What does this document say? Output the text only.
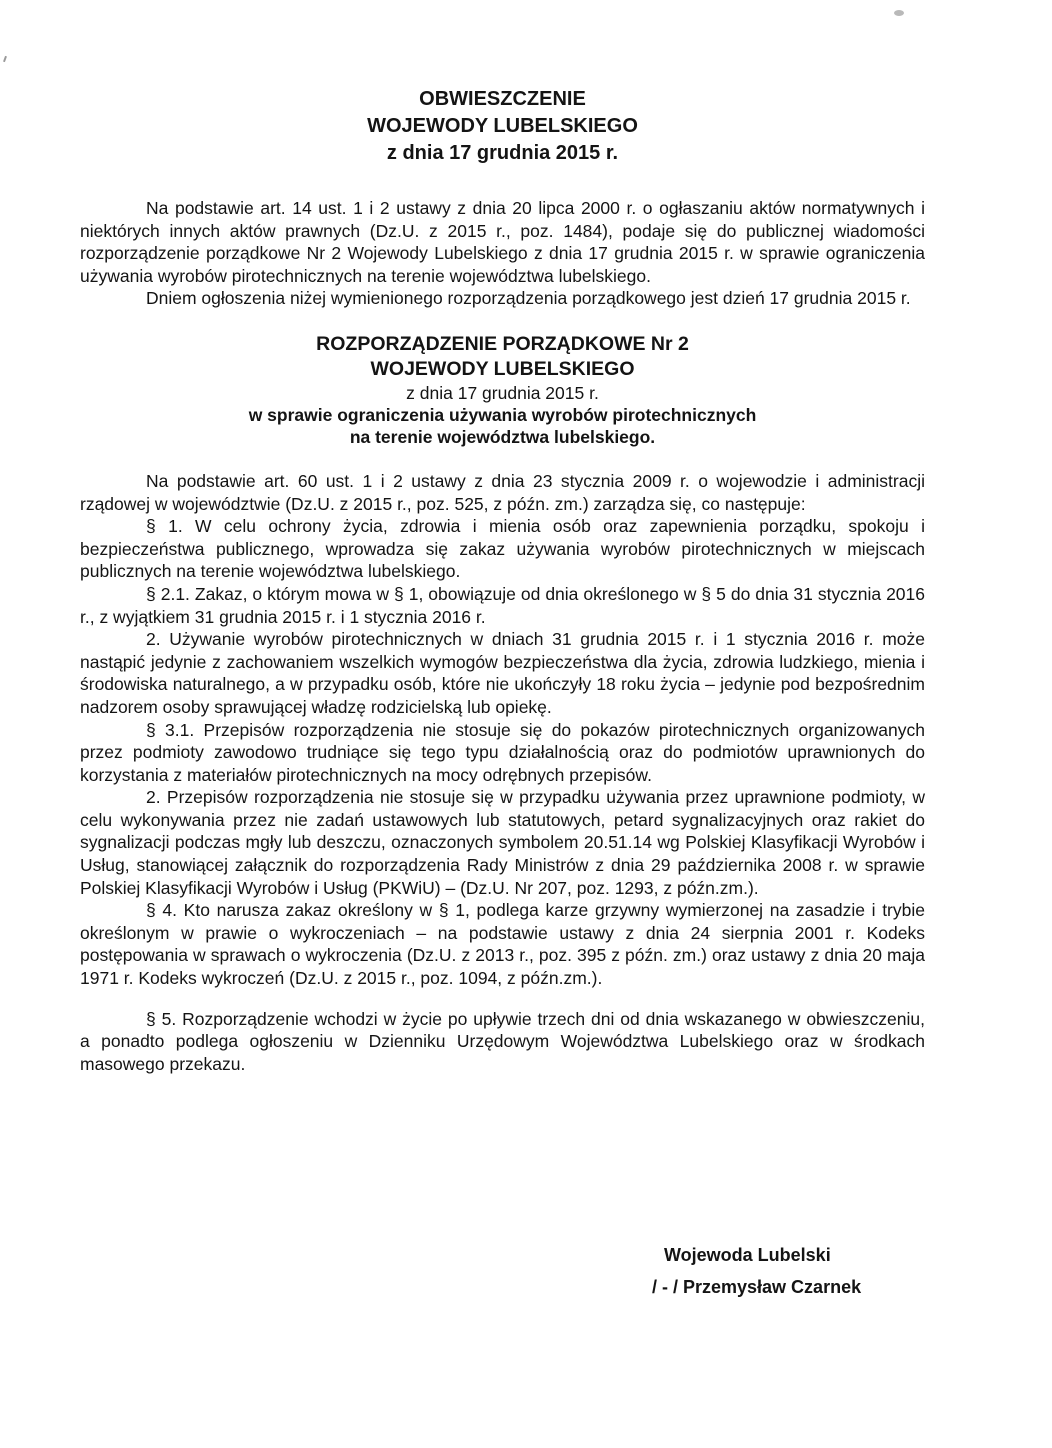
OBWIESZCZENIE
WOJEWODY LUBELSKIEGO
z dnia 17 grudnia 2015 r.

Na podstawie art. 14 ust. 1 i 2 ustawy z dnia 20 lipca 2000 r. o ogłaszaniu aktów normatywnych i niektórych innych aktów prawnych (Dz.U. z 2015 r., poz. 1484), podaje się do publicznej wiadomości rozporządzenie porządkowe Nr 2 Wojewody Lubelskiego z dnia 17 grudnia 2015 r. w sprawie ograniczenia używania wyrobów pirotechnicznych na terenie województwa lubelskiego.

Dniem ogłoszenia niżej wymienionego rozporządzenia porządkowego jest dzień 17 grudnia 2015 r.

ROZPORZĄDZENIE PORZĄDKOWE Nr 2
WOJEWODY LUBELSKIEGO
z dnia 17 grudnia 2015 r.
w sprawie ograniczenia używania wyrobów pirotechnicznych
na terenie województwa lubelskiego.

Na podstawie art. 60 ust. 1 i 2 ustawy z dnia 23 stycznia 2009 r. o wojewodzie i administracji rządowej w województwie (Dz.U. z 2015 r., poz. 525, z późn. zm.) zarządza się, co następuje:

§ 1. W celu ochrony życia, zdrowia i mienia osób oraz zapewnienia porządku, spokoju i bezpieczeństwa publicznego, wprowadza się zakaz używania wyrobów pirotechnicznych w miejscach publicznych na terenie województwa lubelskiego.

§ 2.1. Zakaz, o którym mowa w § 1, obowiązuje od dnia określonego w § 5 do dnia 31 stycznia 2016 r., z wyjątkiem 31 grudnia 2015 r. i 1 stycznia 2016 r.

2. Używanie wyrobów pirotechnicznych w dniach 31 grudnia 2015 r. i 1 stycznia 2016 r. może nastąpić jedynie z zachowaniem wszelkich wymogów bezpieczeństwa dla życia, zdrowia ludzkiego, mienia i środowiska naturalnego, a w przypadku osób, które nie ukończyły 18 roku życia – jedynie pod bezpośrednim nadzorem osoby sprawującej władzę rodzicielską lub opiekę.

§ 3.1. Przepisów rozporządzenia nie stosuje się do pokazów pirotechnicznych organizowanych przez podmioty zawodowo trudniące się tego typu działalnością oraz do podmiotów uprawnionych do korzystania z materiałów pirotechnicznych na mocy odrębnych przepisów.

2. Przepisów rozporządzenia nie stosuje się w przypadku używania przez uprawnione podmioty, w celu wykonywania przez nie zadań ustawowych lub statutowych, petard sygnalizacyjnych oraz rakiet do sygnalizacji podczas mgły lub deszczu, oznaczonych symbolem 20.51.14 wg Polskiej Klasyfikacji Wyrobów i Usług, stanowiącej załącznik do rozporządzenia Rady Ministrów z dnia 29 października 2008 r. w sprawie Polskiej Klasyfikacji Wyrobów i Usług (PKWiU) – (Dz.U. Nr 207, poz. 1293, z późn.zm.).

§ 4. Kto narusza zakaz określony w § 1, podlega karze grzywny wymierzonej na zasadzie i trybie określonym w prawie o wykroczeniach – na podstawie ustawy z dnia 24 sierpnia 2001 r. Kodeks postępowania w sprawach o wykroczenia (Dz.U. z 2013 r., poz. 395 z późn. zm.) oraz ustawy z dnia 20 maja 1971 r. Kodeks wykroczeń (Dz.U. z 2015 r., poz. 1094, z późn.zm.).

§ 5. Rozporządzenie wchodzi w życie po upływie trzech dni od dnia wskazanego w obwieszczeniu, a ponadto podlega ogłoszeniu w Dzienniku Urzędowym Województwa Lubelskiego oraz w środkach masowego przekazu.

Wojewoda Lubelski
/ - / Przemysław Czarnek
